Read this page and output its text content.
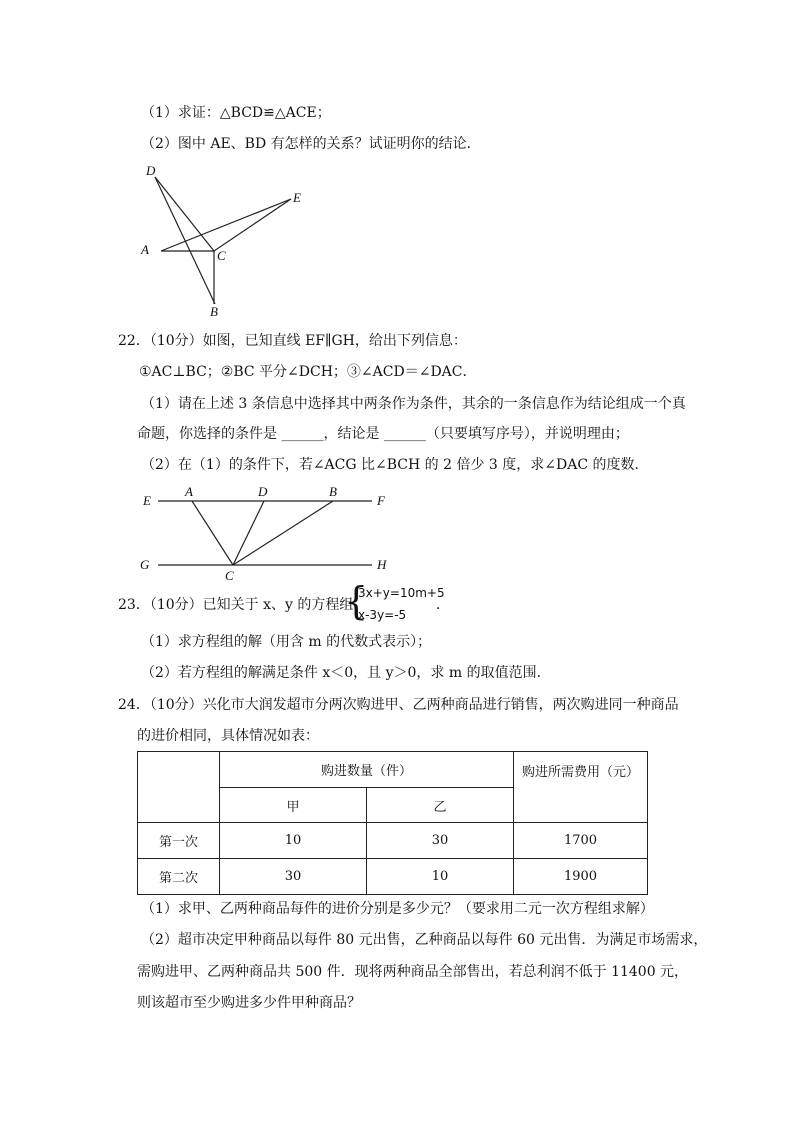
（1）求证：△BCD≌△ACE；
（2）图中 AE、BD 有怎样的关系？试证明你的结论．
D
E
A	C
B
22．（10分）如图，已知直线 EF∥GH，给出下列信息：
①AC⊥BC；②BC 平分∠DCH；③∠ACD＝∠DAC．
（1）请在上述 3 条信息中选择其中两条作为条件，其余的一条信息作为结论组成一个真
命题，你选择的条件是 ______，结论是 ______（只要填写序号），并说明理由；
（2）在（1）的条件下，若∠ACG 比∠BCH 的 2 倍少 3 度，求∠DAC 的度数．
E
A	D	B
F
G
C
H
23．（10分）已知关于 x、y 的方程组
{
3x+y=10m+5
x-3y=-5
．
（1）求方程组的解（用含 m 的代数式表示）；
（2）若方程组的解满足条件 x＜0，且 y＞0，求 m 的取值范围．
24．（10分）兴化市大润发超市分两次购进甲、乙两种商品进行销售，两次购进同一种商品
的进价相同，具体情况如表：
	购进数量（件）		购进所需费用（元）
	甲	乙	
第一次	10	30	1700
第二次	30	10	1900
（1）求甲、乙两种商品每件的进价分别是多少元？（要求用二元一次方程组求解）
（2）超市决定甲种商品以每件 80 元出售，乙种商品以每件 60 元出售．为满足市场需求，
需购进甲、乙两种商品共 500 件．现将两种商品全部售出，若总利润不低于 11400 元，
则该超市至少购进多少件甲种商品？
